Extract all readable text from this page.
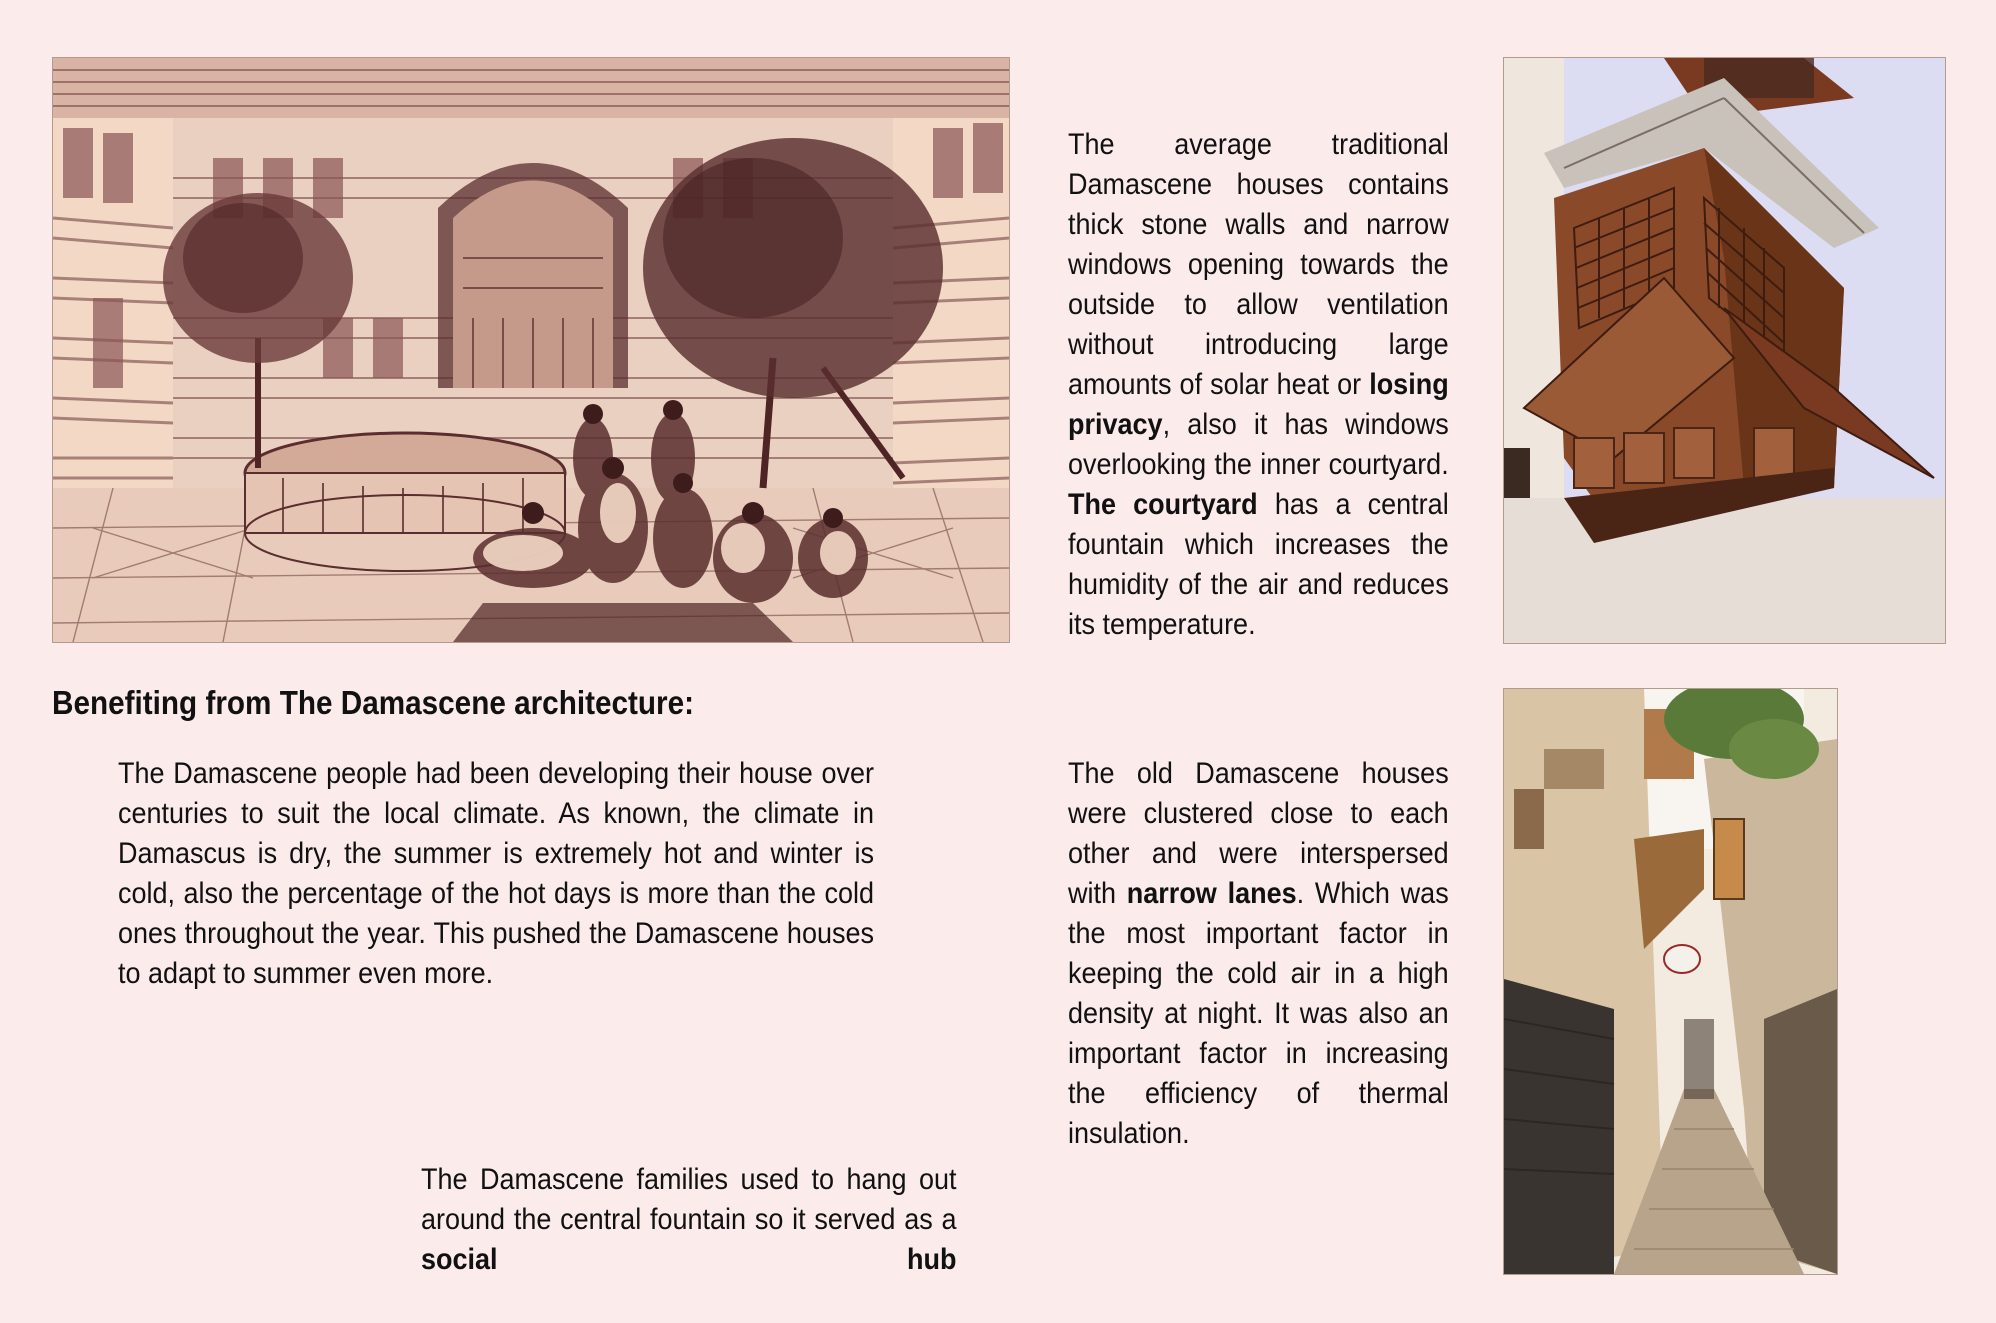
Benefiting from The Damascene architecture:
The average traditional Damascene houses contains thick stone walls and narrow windows opening towards the outside to allow ventilation without introducing large amounts of solar heat or losing privacy, also it has windows overlooking the inner courtyard. The courtyard has a central fountain which increases the humidity of the air and reduces its temperature.
The Damascene people had been developing their house over centuries to suit the local climate. As known, the climate in Damascus is dry, the summer is extremely hot and winter is cold, also the percentage of the hot days is more than the cold ones throughout the year. This pushed the Damascene houses to adapt to summer even more.
The old Damascene houses were clustered close to each other and were interspersed with narrow lanes. Which was the most important factor in keeping the cold air in a high density at night. It was also an important factor in increasing the efficiency of thermal insulation.
The Damascene families used to hang out around the central fountain so it served as a social hub
